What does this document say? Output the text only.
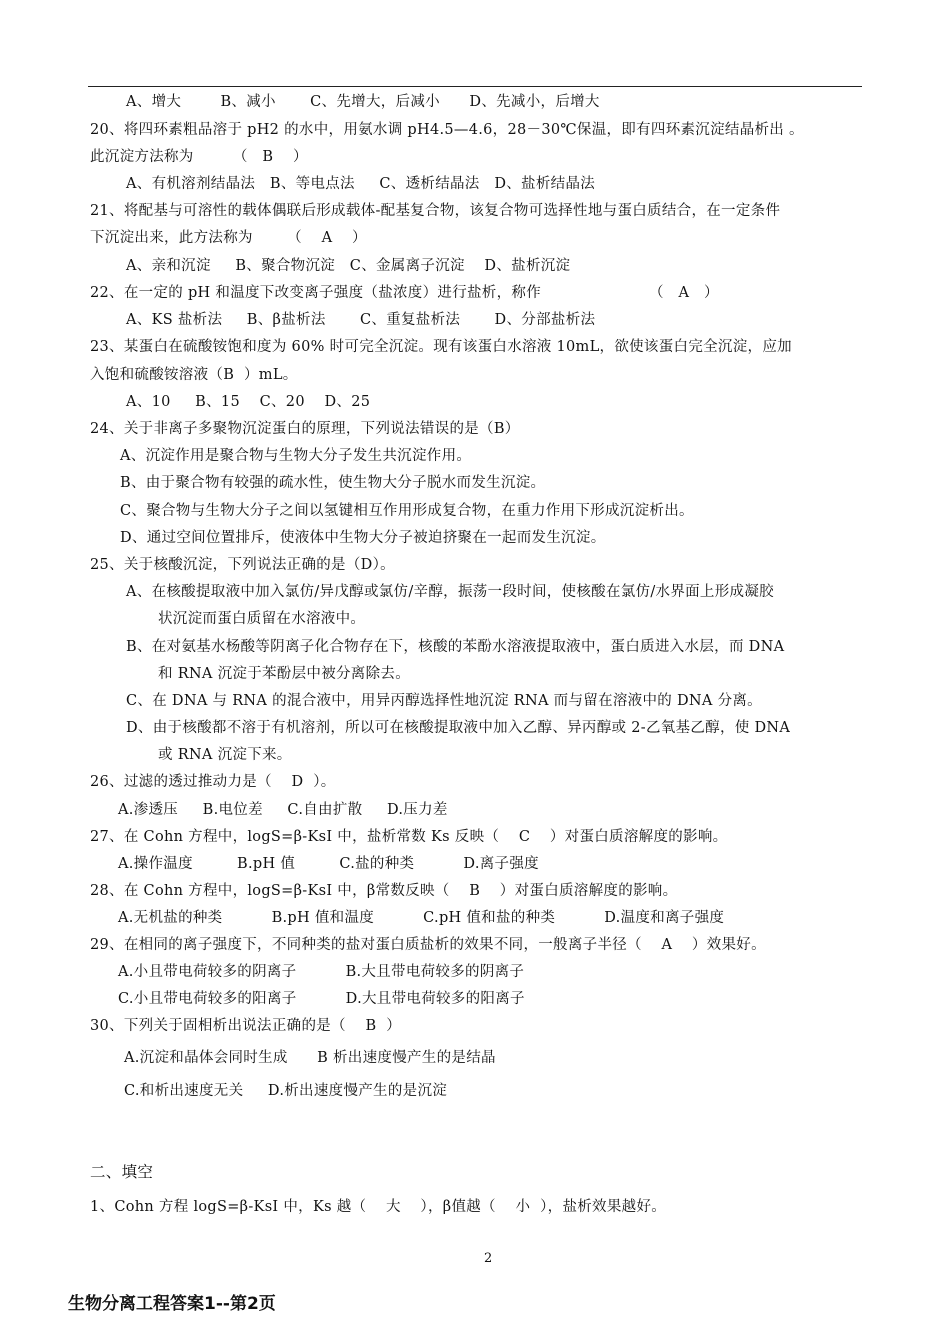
A、增大        B、减小       C、先增大，后减小      D、先减小，后增大
20、将四环素粗品溶于 pH2 的水中，用氨水调 pH4.5—4.6，28－30℃保温，即有四环素沉淀结晶析出 。
此沉淀方法称为        （   B    ）
A、有机溶剂结晶法   B、等电点法     C、透析结晶法   D、盐析结晶法
21、将配基与可溶性的载体偶联后形成载体-配基复合物，该复合物可选择性地与蛋白质结合，在一定条件
下沉淀出来，此方法称为       （    A    ）
A、亲和沉淀     B、聚合物沉淀   C、金属离子沉淀    D、盐析沉淀
22、在一定的 pH 和温度下改变离子强度（盐浓度）进行盐析，称作                      （   A   ）
A、KS 盐析法     B、β盐析法       C、重复盐析法       D、分部盐析法
23、某蛋白在硫酸铵饱和度为 60% 时可完全沉淀。现有该蛋白水溶液 10mL，欲使该蛋白完全沉淀，应加
入饱和硫酸铵溶液（B  ）mL。
A、10     B、15    C、20    D、25
24、关于非离子多聚物沉淀蛋白的原理，下列说法错误的是（B）
A、沉淀作用是聚合物与生物大分子发生共沉淀作用。
B、由于聚合物有较强的疏水性，使生物大分子脱水而发生沉淀。
C、聚合物与生物大分子之间以氢键相互作用形成复合物，在重力作用下形成沉淀析出。
D、通过空间位置排斥，使液体中生物大分子被迫挤聚在一起而发生沉淀。
25、关于核酸沉淀，下列说法正确的是（D）。
A、在核酸提取液中加入氯仿/异戊醇或氯仿/辛醇，振荡一段时间，使核酸在氯仿/水界面上形成凝胶
状沉淀而蛋白质留在水溶液中。
B、在对氨基水杨酸等阴离子化合物存在下，核酸的苯酚水溶液提取液中，蛋白质进入水层，而 DNA
和 RNA 沉淀于苯酚层中被分离除去。
C、在 DNA 与 RNA 的混合液中，用异丙醇选择性地沉淀 RNA 而与留在溶液中的 DNA 分离。
D、由于核酸都不溶于有机溶剂，所以可在核酸提取液中加入乙醇、异丙醇或 2-乙氧基乙醇，使 DNA
或 RNA 沉淀下来。
26、过滤的透过推动力是（    D  ）。
A.渗透压     B.电位差     C.自由扩散     D.压力差
27、在 Cohn 方程中，logS=β-KsI 中，盐析常数 Ks 反映（    C    ）对蛋白质溶解度的影响。
A.操作温度         B.pH 值         C.盐的种类          D.离子强度
28、在 Cohn 方程中，logS=β-KsI 中，β常数反映（    B    ）对蛋白质溶解度的影响。
A.无机盐的种类          B.pH 值和温度          C.pH 值和盐的种类          D.温度和离子强度
29、在相同的离子强度下，不同种类的盐对蛋白质盐析的效果不同，一般离子半径（    A    ）效果好。
A.小且带电荷较多的阴离子          B.大且带电荷较多的阴离子
C.小且带电荷较多的阳离子          D.大且带电荷较多的阳离子
30、下列关于固相析出说法正确的是（    B  ）
A.沉淀和晶体会同时生成      B 析出速度慢产生的是结晶
C.和析出速度无关     D.析出速度慢产生的是沉淀
二、填空
1、Cohn 方程 logS=β-KsI 中，Ks 越（    大    ），β值越（    小  ），盐析效果越好。
2
生物分离工程答案1--第2页
